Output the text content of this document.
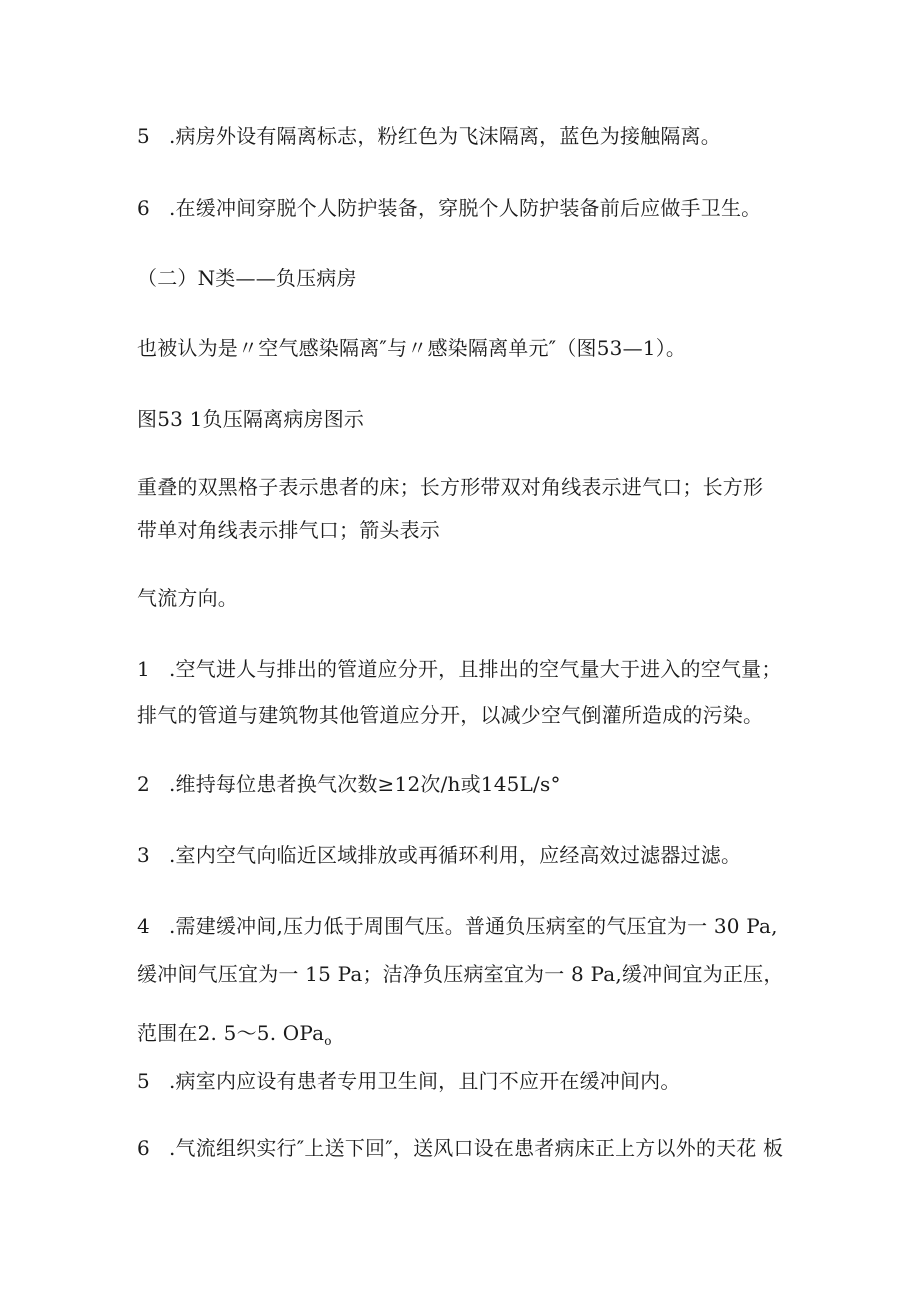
5 .病房外设有隔离标志，粉红色为飞沫隔离，蓝色为接触隔离。
6 .在缓冲间穿脱个人防护装备，穿脱个人防护装备前后应做手卫生。
（二）N类——负压病房
也被认为是〃空气感染隔离″与〃感染隔离单元″（图53—1）。
图53 1负压隔离病房图示
重叠的双黑格子表示患者的床；长方形带双对角线表示进气口；长方形
带单对角线表示排气口；箭头表示
气流方向。
1 .空气进人与排出的管道应分开，且排出的空气量大于进入的空气量；
排气的管道与建筑物其他管道应分开，以减少空气倒灌所造成的污染。
2 .维持每位患者换气次数≥12次/h或145L/s°
3 .室内空气向临近区域排放或再循环利用，应经高效过滤器过滤。
4 .需建缓冲间,压力低于周围气压。普通负压病室的气压宜为一 30 Pa,
缓冲间气压宜为一 15 Pa；洁净负压病室宜为一 8 Pa,缓冲间宜为正压，
范围在2. 5～5. OPa$_o$
5 .病室内应设有患者专用卫生间，且门不应开在缓冲间内。
6 .气流组织实行″上送下回″，送风口设在患者病床正上方以外的天花 板
